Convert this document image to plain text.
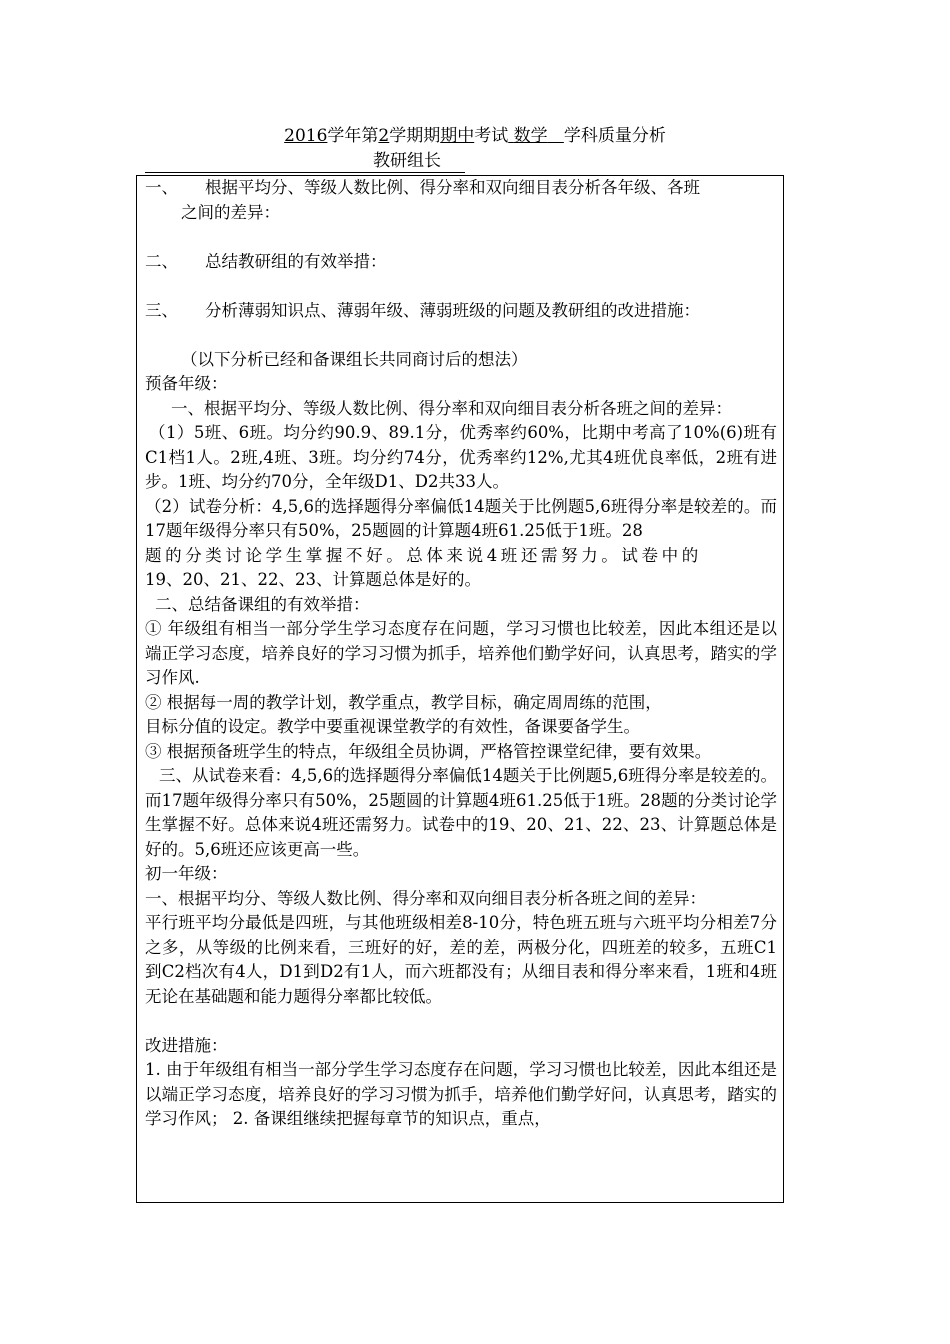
2016学年第2学期期期中考试 数学 学科质量分析
教研组长
一、	根据平均分、等级人数比例、得分率和双向细目表分析各年级、各班

之间的差异：

二、	总结教研组的有效举措：
三、	分析薄弱知识点、薄弱年级、薄弱班级的问题及教研组的改进措施：

（以下分析已经和备课组长共同商讨后的想法）

预备年级：

一、根据平均分、等级人数比例、得分率和双向细目表分析各班之间的差异：

（1）5班、6班。均分约90.9、89.1分，优秀率约60%，比期中考高了10%(6)班有C1档1人。2班,4班、3班。均分约74分，优秀率约12%,尤其4班优良率低，2班有进步。1班、均分约70分，全年级D1、D2共33人。

（2）试卷分析：4,5,6的选择题得分率偏低14题关于比例题5,6班得分率是较差的。而17题年级得分率只有50%，25题圆的计算题4班61.25低于1班。28

题的分类讨论学生掌握不好。总体来说4班还需努力。试卷中的

19、20、21、22、23、计算题总体是好的。

二、总结备课组的有效举措：

① 年级组有相当一部分学生学习态度存在问题，学习习惯也比较差，因此本组还是以端正学习态度，培养良好的学习习惯为抓手，培养他们勤学好问，认真思考，踏实的学习作风.

② 根据每一周的教学计划，教学重点，教学目标，确定周周练的范围，

目标分值的设定。教学中要重视课堂教学的有效性，备课要备学生。

③ 根据预备班学生的特点，年级组全员协调，严格管控课堂纪律，要有效果。

三、从试卷来看：4,5,6的选择题得分率偏低14题关于比例题5,6班得分率是较差的。而17题年级得分率只有50%，25题圆的计算题4班61.25低于1班。28题的分类讨论学生掌握不好。总体来说4班还需努力。试卷中的19、20、21、22、23、计算题总体是好的。5,6班还应该更高一些。

初一年级：

一、根据平均分、等级人数比例、得分率和双向细目表分析各班之间的差异：

平行班平均分最低是四班，与其他班级相差8-10分，特色班五班与六班平均分相差7分之多，从等级的比例来看，三班好的好，差的差，两极分化，四班差的较多，五班C1到C2档次有4人，D1到D2有1人，而六班都没有；从细目表和得分率来看，1班和4班无论在基础题和能力题得分率都比较低。

改进措施：

1. 由于年级组有相当一部分学生学习态度存在问题，学习习惯也比较差，因此本组还是以端正学习态度，培养良好的学习习惯为抓手，培养他们勤学好问，认真思考，踏实的学习作风； 2. 备课组继续把握每章节的知识点，重点，
